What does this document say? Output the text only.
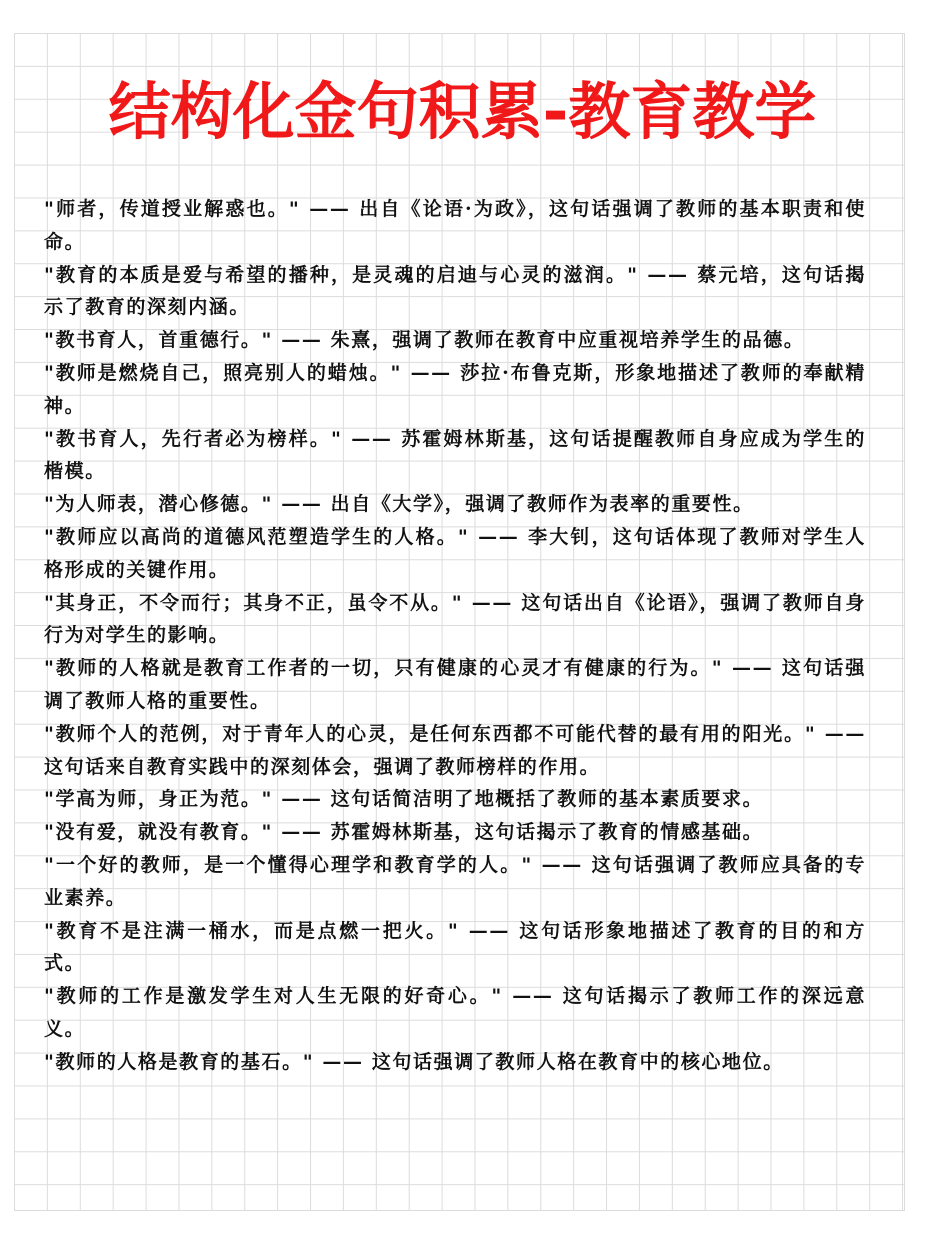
结构化金句积累-教育教学

"师者，传道授业解惑也。" —— 出自《论语·为政》，这句话强调了教师的基本职责和使命。

"教育的本质是爱与希望的播种，是灵魂的启迪与心灵的滋润。" —— 蔡元培，这句话揭示了教育的深刻内涵。

"教书育人，首重德行。" —— 朱熹，强调了教师在教育中应重视培养学生的品德。

"教师是燃烧自己，照亮别人的蜡烛。" —— 莎拉·布鲁克斯，形象地描述了教师的奉献精神。

"教书育人，先行者必为榜样。" —— 苏霍姆林斯基，这句话提醒教师自身应成为学生的楷模。

"为人师表，潜心修德。" —— 出自《大学》，强调了教师作为表率的重要性。

"教师应以高尚的道德风范塑造学生的人格。" —— 李大钊，这句话体现了教师对学生人格形成的关键作用。

"其身正，不令而行；其身不正，虽令不从。" —— 这句话出自《论语》，强调了教师自身行为对学生的影响。

"教师的人格就是教育工作者的一切，只有健康的心灵才有健康的行为。" —— 这句话强调了教师人格的重要性。

"教师个人的范例，对于青年人的心灵，是任何东西都不可能代替的最有用的阳光。" —— 这句话来自教育实践中的深刻体会，强调了教师榜样的作用。

"学高为师，身正为范。" —— 这句话简洁明了地概括了教师的基本素质要求。

"没有爱，就没有教育。" —— 苏霍姆林斯基，这句话揭示了教育的情感基础。

"一个好的教师，是一个懂得心理学和教育学的人。" —— 这句话强调了教师应具备的专业素养。

"教育不是注满一桶水，而是点燃一把火。" —— 这句话形象地描述了教育的目的和方式。

"教师的工作是激发学生对人生无限的好奇心。" —— 这句话揭示了教师工作的深远意义。

"教师的人格是教育的基石。" —— 这句话强调了教师人格在教育中的核心地位。
